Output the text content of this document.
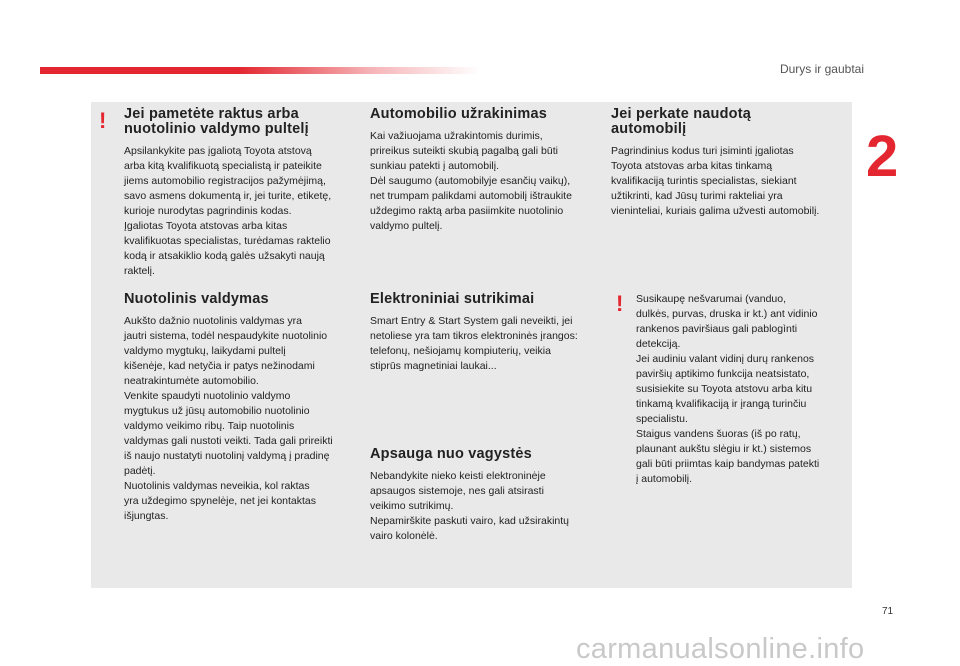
Durys ir gaubtai
2
! Jei pametėte raktus arba
nuotolinio valdymo pultelį

Apsilankykite pas įgaliotą Toyota atstovą
arba kitą kvalifikuotą specialistą ir pateikite
jiems automobilio registracijos pažymėjimą,
savo asmens dokumentą ir, jei turite, etiketę,
kurioje nurodytas pagrindinis kodas.
Įgaliotas Toyota atstovas arba kitas
kvalifikuotas specialistas, turėdamas raktelio
kodą ir atsakiklio kodą galės užsakyti naują
raktelį.

Nuotolinis valdymas

Aukšto dažnio nuotolinis valdymas yra
jautri sistema, todėl nespaudykite nuotolinio
valdymo mygtukų, laikydami pultelį
kišenėje, kad netyčia ir patys nežinodami
neatrakintumėte automobilio.
Venkite spaudyti nuotolinio valdymo
mygtukus už jūsų automobilio nuotolinio
valdymo veikimo ribų. Taip nuotolinis
valdymas gali nustoti veikti. Tada gali prireikti
iš naujo nustatyti nuotolinį valdymą į pradinę
padėtį.
Nuotolinis valdymas neveikia, kol raktas
yra uždegimo spynelėje, net jei kontaktas
išjungtas.

Automobilio užrakinimas

Kai važiuojama užrakintomis durimis,
prireikus suteikti skubią pagalbą gali būti
sunkiau patekti į automobilį.
Dėl saugumo (automobilyje esančių vaikų),
net trumpam palikdami automobilį ištraukite
uždegimo raktą arba pasiimkite nuotolinio
valdymo pultelį.

Elektroniniai sutrikimai

Smart Entry & Start System gali neveikti, jei
netoliese yra tam tikros elektroninės įrangos:
telefonų, nešiojamų kompiuterių, veikia
stiprūs magnetiniai laukai...

Apsauga nuo vagystės

Nebandykite nieko keisti elektroninėje
apsaugos sistemoje, nes gali atsirasti
veikimo sutrikimų.
Nepamirškite paskuti vairo, kad užsirakintų
vairo kolonėlė.

Jei perkate naudotą
automobilį

Pagrindinius kodus turi įsiminti įgaliotas
Toyota atstovas arba kitas tinkamą
kvalifikaciją turintis specialistas, siekiant
užtikrinti, kad Jūsų turimi rakteliai yra
vieninteliai, kuriais galima užvesti automobilį.

! Susikaupę nešvarumai (vanduo,
dulkės, purvas, druska ir kt.) ant vidinio
rankenos paviršiaus gali pablogìnti
detekciją.
Jei audiniu valant vidinį durų rankenos
paviršių aptikimo funkcija neatsistato,
susisiekite su Toyota atstovu arba kitu
tinkamą kvalifikaciją ir įrangą turinčiu
specialistu.
Staigus vandens šuoras (iš po ratų,
plaunant aukštu slėgiu ir kt.) sistemos
gali būti priimtas kaip bandymas patekti
į automobilį.

71
carmanualsonline.info
